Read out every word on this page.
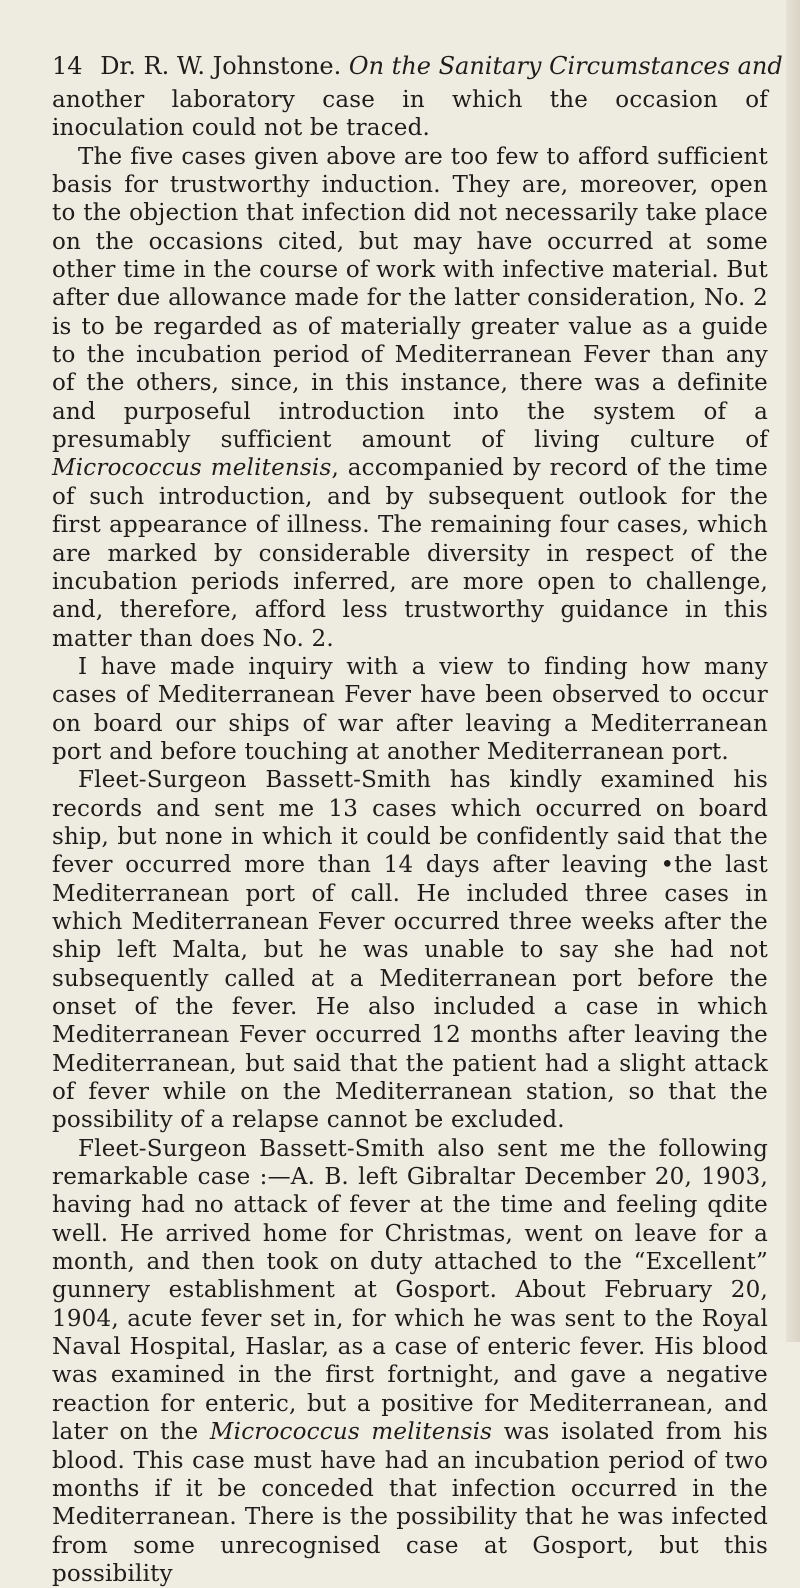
14 Dr. R. W. Johnstone. On the Sanitary Circumstances and

another laboratory case in which the occasion of inoculation could not be traced.

The five cases given above are too few to afford sufficient basis for trustworthy induction. They are, moreover, open to the objection that infection did not necessarily take place on the occasions cited, but may have occurred at some other time in the course of work with infective material. But after due allowance made for the latter consideration, No. 2 is to be regarded as of materially greater value as a guide to the incubation period of Mediterranean Fever than any of the others, since, in this instance, there was a definite and purposeful introduction into the system of a presumably sufficient amount of living culture of Micrococcus melitensis, accompanied by record of the time of such introduction, and by subsequent outlook for the first appearance of illness. The remaining four cases, which are marked by considerable diversity in respect of the incubation periods inferred, are more open to challenge, and, therefore, afford less trustworthy guidance in this matter than does No. 2.

I have made inquiry with a view to finding how many cases of Mediterranean Fever have been observed to occur on board our ships of war after leaving a Mediterranean port and before touching at another Mediterranean port.

Fleet-Surgeon Bassett-Smith has kindly examined his records and sent me 13 cases which occurred on board ship, but none in which it could be confidently said that the fever occurred more than 14 days after leaving •the last Mediterranean port of call. He included three cases in which Mediterranean Fever occurred three weeks after the ship left Malta, but he was unable to say she had not subsequently called at a Mediterranean port before the onset of the fever. He also included a case in which Mediterranean Fever occurred 12 months after leaving the Mediterranean, but said that the patient had a slight attack of fever while on the Mediterranean station, so that the possibility of a relapse cannot be excluded.

Fleet-Surgeon Bassett-Smith also sent me the following remarkable case :—A. B. left Gibraltar December 20, 1903, having had no attack of fever at the time and feeling qdite well. He arrived home for Christmas, went on leave for a month, and then took on duty attached to the “Excellent” gunnery establishment at Gosport. About February 20, 1904, acute fever set in, for which he was sent to the Royal Naval Hospital, Haslar, as a case of enteric fever. His blood was examined in the first fortnight, and gave a negative reaction for enteric, but a positive for Mediterranean, and later on the Micrococcus melitensis was isolated from his blood. This case must have had an incubation period of two months if it be conceded that infection occurred in the Mediterranean. There is the possibility that he was infected from some unrecognised case at Gosport, but this possibility
